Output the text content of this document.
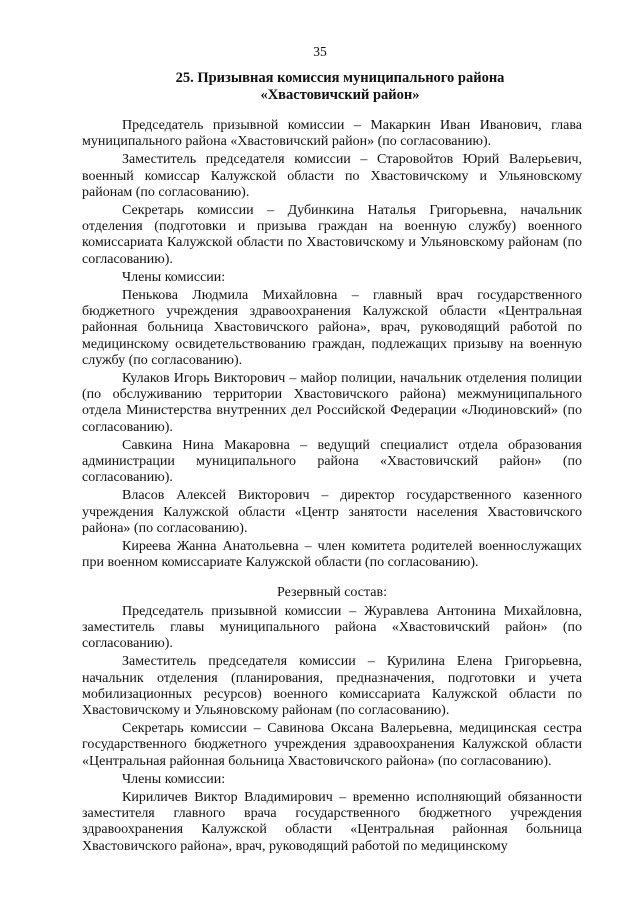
35
25. Призывная комиссия муниципального района
«Хвастовичский район»

Председатель призывной комиссии – Макаркин Иван Иванович, глава муниципального района «Хвастовичский район» (по согласованию).

Заместитель председателя комиссии – Старовойтов Юрий Валерьевич, военный комиссар Калужской области по Хвастовичскому и Ульяновскому районам (по согласованию).

Секретарь комиссии – Дубинкина Наталья Григорьевна, начальник отделения (подготовки и призыва граждан на военную службу) военного комиссариата Калужской области по Хвастовичскому и Ульяновскому районам (по согласованию).

Члены комиссии:

Пенькова Людмила Михайловна – главный врач государственного бюджетного учреждения здравоохранения Калужской области «Центральная районная больница Хвастовичского района», врач, руководящий работой по медицинскому освидетельствованию граждан, подлежащих призыву на военную службу (по согласованию).

Кулаков Игорь Викторович – майор полиции, начальник отделения полиции (по обслуживанию территории Хвастовичского района) межмуниципального отдела Министерства внутренних дел Российской Федерации «Людиновский» (по согласованию).

Савкина Нина Макаровна – ведущий специалист отдела образования администрации муниципального района «Хвастовичский район» (по согласованию).

Власов Алексей Викторович – директор государственного казенного учреждения Калужской области «Центр занятости населения Хвастовичского района» (по согласованию).

Киреева Жанна Анатольевна – член комитета родителей военнослужащих при военном комиссариате Калужской области (по согласованию).

Резервный состав:

Председатель призывной комиссии – Журавлева Антонина Михайловна, заместитель главы муниципального района «Хвастовичский район» (по согласованию).

Заместитель председателя комиссии – Курилина Елена Григорьевна, начальник отделения (планирования, предназначения, подготовки и учета мобилизационных ресурсов) военного комиссариата Калужской области по Хвастовичскому и Ульяновскому районам (по согласованию).

Секретарь комиссии – Савинова Оксана Валерьевна, медицинская сестра государственного бюджетного учреждения здравоохранения Калужской области «Центральная районная больница Хвастовичского района» (по согласованию).

Члены комиссии:

Кириличев Виктор Владимирович – временно исполняющий обязанности заместителя главного врача государственного бюджетного учреждения здравоохранения Калужской области «Центральная районная больница Хвастовичского района», врач, руководящий работой по медицинскому
